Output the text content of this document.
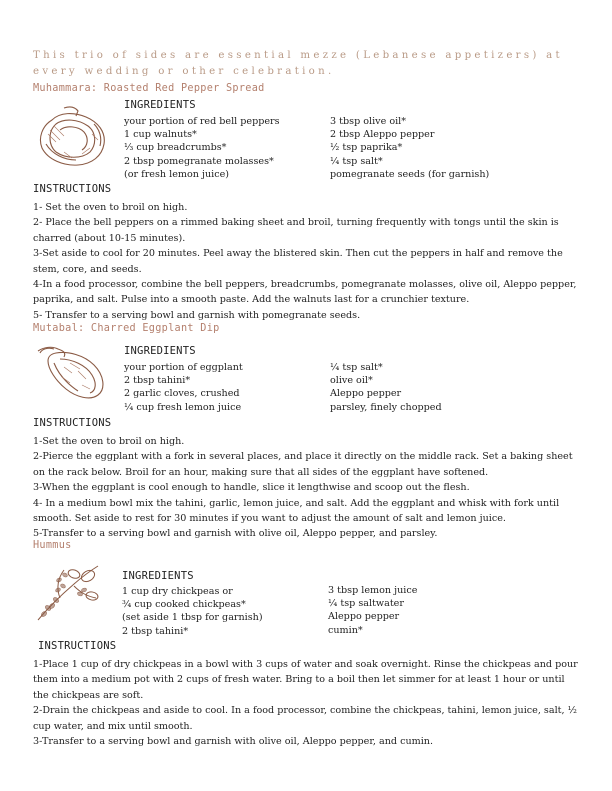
This trio of sides are essential mezze (Lebanese appetizers) at every wedding or other celebration.
Muhammara: Roasted Red Pepper Spread
INGREDIENTS
your portion of red bell peppers
1 cup walnuts*
⅓ cup breadcrumbs*
2 tbsp pomegranate molasses*
(or fresh lemon juice)
3 tbsp olive oil*
2 tbsp Aleppo pepper
½ tsp paprika*
¼ tsp salt*
pomegranate seeds (for garnish)
INSTRUCTIONS
1- Set the oven to broil on high.
2- Place the bell peppers on a rimmed baking sheet and broil, turning frequently with tongs until the skin is charred (about 10-15 minutes).
3-Set aside to cool for 20 minutes. Peel away the blistered skin. Then cut the peppers in half and remove the stem, core, and seeds.
4-In a food processor, combine the bell peppers, breadcrumbs, pomegranate molasses, olive oil, Aleppo pepper, paprika, and salt. Pulse into a smooth paste. Add the walnuts last for a crunchier texture.
5- Transfer to a serving bowl and garnish with pomegranate seeds.
Mutabal: Charred Eggplant Dip
INGREDIENTS
your portion of eggplant
2 tbsp tahini*
2 garlic cloves, crushed
¼ cup fresh lemon juice
¼ tsp salt*
olive oil*
Aleppo pepper
parsley, finely chopped
INSTRUCTIONS
1-Set the oven to broil on high.
2-Pierce the eggplant with a fork in several places, and place it directly on the middle rack. Set a baking sheet on the rack below. Broil for an hour, making sure that all sides of the eggplant have softened.
3-When the eggplant is cool enough to handle, slice it lengthwise and scoop out the flesh.
4- In a medium bowl mix the tahini, garlic, lemon juice, and salt. Add the eggplant and whisk with fork until smooth. Set aside to rest for 30 minutes if you want to adjust the amount of salt and lemon juice.
5-Transfer to a serving bowl and garnish with olive oil, Aleppo pepper, and parsley.
Hummus
INGREDIENTS
1 cup dry chickpeas or
¾ cup cooked chickpeas*
(set aside 1 tbsp for garnish)
2 tbsp tahini*
3 tbsp lemon juice
¼ tsp saltwater
Aleppo pepper
cumin*
INSTRUCTIONS
1-Place 1 cup of dry chickpeas in a bowl with 3 cups of water and soak overnight. Rinse the chickpeas and pour them into a medium pot with 2 cups of fresh water. Bring to a boil then let simmer for at least 1 hour or until the chickpeas are soft.
2-Drain the chickpeas and aside to cool. In a food processor, combine the chickpeas, tahini, lemon juice, salt, ½ cup water, and mix until smooth.
3-Transfer to a serving bowl and garnish with olive oil, Aleppo pepper, and cumin.
